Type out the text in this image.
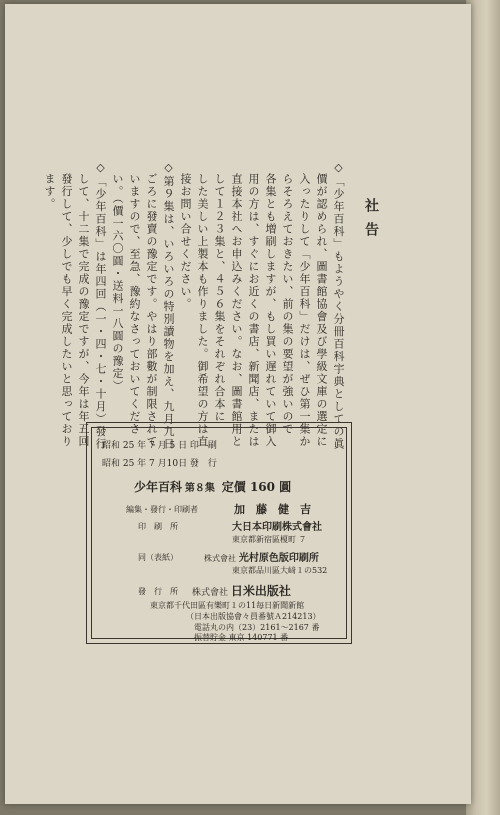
社告
◇「少年百科」もようやく分冊百科宇典としての眞
價が認められ、圖書館協會及び學級文庫の選定に
入ったりして「少年百科」だけは、ぜひ第一集か
らそろえておきたい、前の集の要望が強いので
各集とも増刷しますが、もし買い遅れていて御入
用の方は、すぐにお近くの書店、新聞店、または
直接本社へお申込みください。なお、圖書館用と
して１２３集と、４５６集をそれぞれ合本に
した美しい上製本も作りました。御希望の方は直
接お問い合せください。
◇第９集は、いろいろの特別讀物を加え、九月九日
ごろに發賣の豫定です。やはり部數が制限されて
いますので、至急、豫約なさっておいてくださ
い。（價一六〇圓・送料一八圓の豫定）
◇「少年百科」は年四回（一・四・七・十月）發行
して、十二集で完成の豫定ですが、今年は年五回
發行して、少しでも早く完成したいと思っており
ます。
昭和 25 年 7 月 5 日 印　刷
昭和 25 年 7 月10日 發　行
少年百科 第８集 定價 160 圓
編集・發行・印刷者	加　藤　健　吉
印　刷　所	大日本印刷株式會社
東京都新宿區榎町 ７
同（表紙）	株式會社 光村原色版印刷所
東京都品川區大﨑１の532
發　行　所 株式會社 日米出版社
東京都千代田區有樂町１の11毎日新聞新館
（日本出版協會々員番號Ａ214213）
電話丸の内（23）2161～2167 番
振替貯金 東京 140771 番
